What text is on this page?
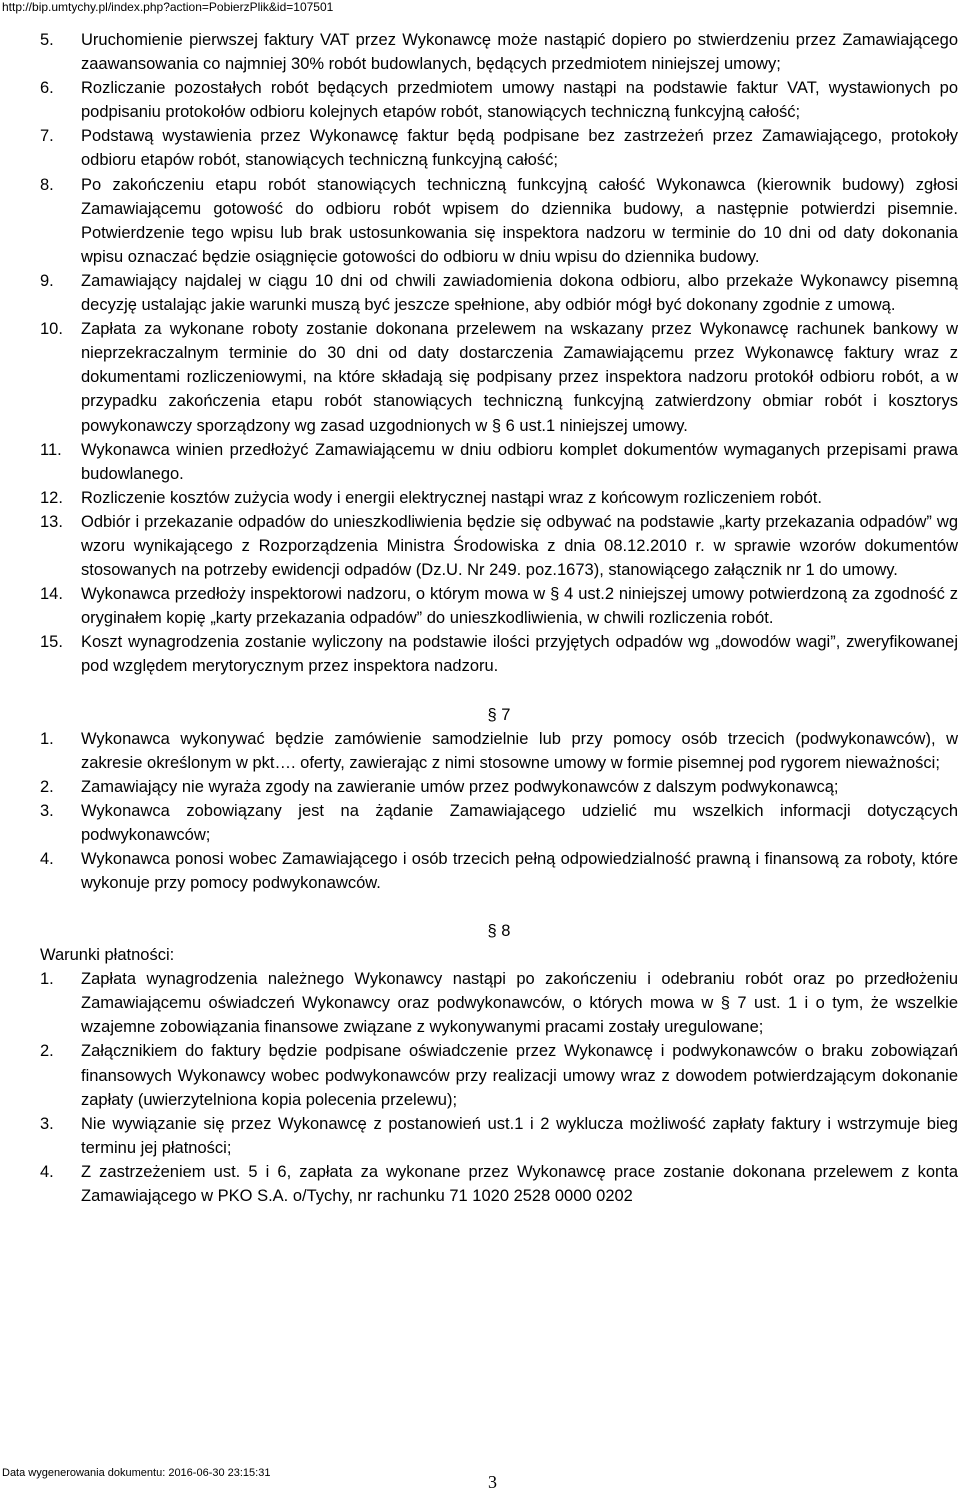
http://bip.umtychy.pl/index.php?action=PobierzPlik&id=107501
5.	Uruchomienie pierwszej faktury VAT przez Wykonawcę może nastąpić dopiero po stwierdzeniu przez Zamawiającego zaawansowania co najmniej 30% robót budowlanych, będących przedmiotem niniejszej umowy;
6.	Rozliczanie pozostałych robót będących przedmiotem umowy nastąpi na podstawie faktur VAT, wystawionych po podpisaniu protokołów odbioru kolejnych etapów robót, stanowiących techniczną funkcyjną całość;
7.	Podstawą wystawienia przez Wykonawcę faktur będą podpisane bez zastrzeżeń przez Zamawiającego, protokoły odbioru etapów robót, stanowiących techniczną funkcyjną całość;
8.	Po zakończeniu etapu robót stanowiących techniczną funkcyjną całość Wykonawca (kierownik budowy) zgłosi Zamawiającemu gotowość do odbioru robót wpisem do dziennika budowy, a następnie potwierdzi pisemnie. Potwierdzenie tego wpisu lub brak ustosunkowania się inspektora nadzoru w terminie do 10 dni od daty dokonania wpisu oznaczać będzie osiągnięcie gotowości do odbioru w dniu wpisu do dziennika budowy.
9.	Zamawiający najdalej w ciągu 10 dni od chwili zawiadomienia dokona odbioru, albo przekaże Wykonawcy pisemną decyzję ustalając jakie warunki muszą być jeszcze spełnione, aby odbiór mógł być dokonany zgodnie z umową.
10.	Zapłata za wykonane roboty zostanie dokonana przelewem na wskazany przez Wykonawcę rachunek bankowy w nieprzekraczalnym terminie do 30 dni od daty dostarczenia Zamawiającemu przez Wykonawcę faktury wraz z dokumentami rozliczeniowymi, na które składają się podpisany przez inspektora nadzoru protokół odbioru robót, a w przypadku zakończenia etapu robót stanowiących techniczną funkcyjną zatwierdzony obmiar robót i kosztorys powykonawczy sporządzony wg zasad uzgodnionych w § 6 ust.1 niniejszej umowy.
11.	Wykonawca winien przedłożyć Zamawiającemu w dniu odbioru komplet dokumentów wymaganych przepisami prawa budowlanego.
12.	Rozliczenie kosztów zużycia wody i energii elektrycznej nastąpi wraz z końcowym rozliczeniem robót.
13.	Odbiór i przekazanie odpadów do unieszkodliwienia będzie się odbywać na podstawie „karty przekazania odpadów” wg wzoru wynikającego z Rozporządzenia Ministra Środowiska z dnia 08.12.2010 r. w sprawie wzorów dokumentów stosowanych na potrzeby ewidencji odpadów (Dz.U. Nr 249. poz.1673), stanowiącego załącznik nr 1 do umowy.
14.	Wykonawca przedłoży inspektorowi nadzoru, o którym mowa w § 4 ust.2 niniejszej umowy potwierdzoną za zgodność z oryginałem kopię „karty przekazania odpadów” do unieszkodliwienia, w chwili rozliczenia robót.
15.	Koszt wynagrodzenia zostanie wyliczony na podstawie ilości przyjętych odpadów wg „dowodów wagi”, zweryfikowanej pod względem merytorycznym przez inspektora nadzoru.
§ 7
1.	Wykonawca wykonywać będzie zamówienie samodzielnie lub przy pomocy osób trzecich (podwykonawców), w zakresie określonym w pkt…. oferty, zawierając z nimi stosowne umowy w formie pisemnej pod rygorem nieważności;
2.	Zamawiający nie wyraża zgody na zawieranie umów przez podwykonawców z dalszym podwykonawcą;
3.	Wykonawca zobowiązany jest na żądanie Zamawiającego udzielić mu wszelkich informacji dotyczących podwykonawców;
4.	Wykonawca ponosi wobec Zamawiającego i osób trzecich pełną odpowiedzialność prawną i finansową za roboty, które wykonuje przy pomocy podwykonawców.
§ 8
Warunki płatności:
1.	Zapłata wynagrodzenia należnego Wykonawcy nastąpi po zakończeniu i odebraniu robót oraz po przedłożeniu Zamawiającemu oświadczeń Wykonawcy oraz podwykonawców, o których mowa w § 7 ust. 1 i o tym, że wszelkie wzajemne zobowiązania finansowe związane z wykonywanymi pracami zostały uregulowane;
2.	Załącznikiem do faktury będzie podpisane oświadczenie przez Wykonawcę i podwykonawców o braku zobowiązań finansowych Wykonawcy wobec podwykonawców przy realizacji umowy wraz z dowodem potwierdzającym dokonanie zapłaty (uwierzytelniona kopia polecenia przelewu);
3.	Nie wywiązanie się przez Wykonawcę z postanowień ust.1 i 2 wyklucza możliwość zapłaty faktury i wstrzymuje bieg terminu jej płatności;
4.	Z zastrzeżeniem ust. 5 i 6, zapłata za wykonane przez Wykonawcę prace zostanie dokonana przelewem z konta Zamawiającego w PKO S.A. o/Tychy, nr rachunku 71 1020 2528 0000 0202
Data wygenerowania dokumentu: 2016-06-30 23:15:31	3
